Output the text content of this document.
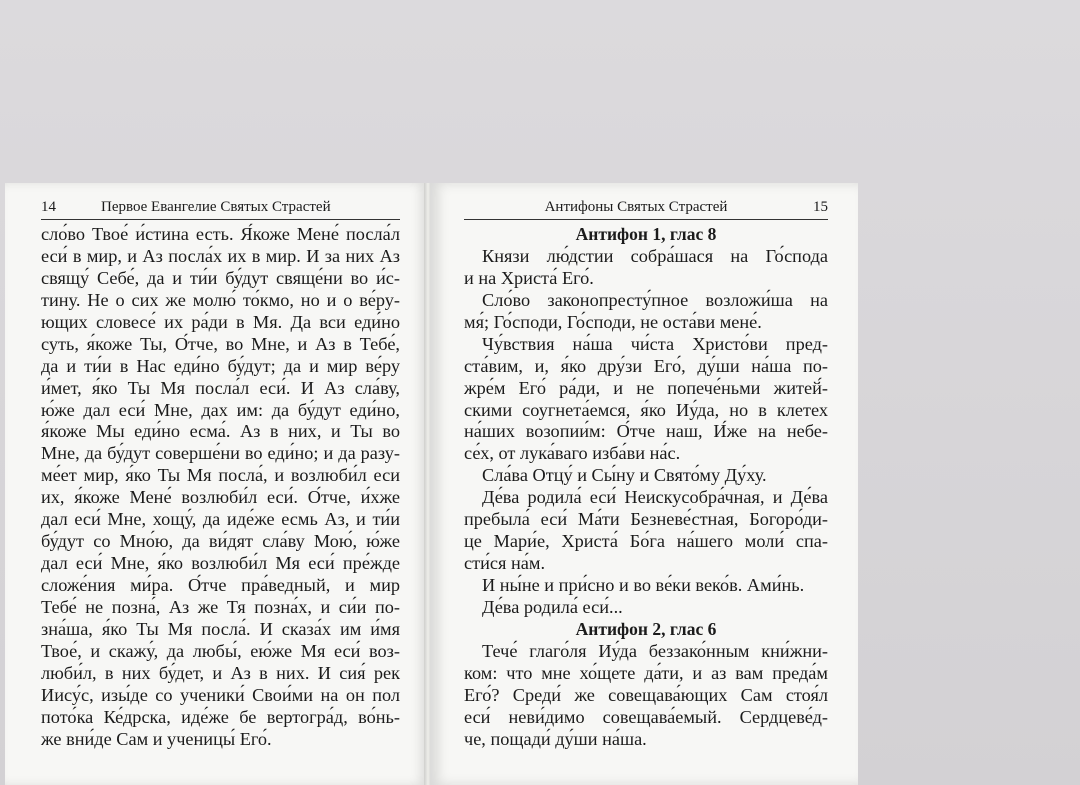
14	Первое Евангелие Святых Страстей
сло́во Твое́ и́стина есть. Я́коже Мене́ посла́л
еси́ в мир, и Аз посла́х их в мир. И за них Аз
свящу́ Себе́, да и ти́и бу́дут свяще́ни во и́с-
тину. Не о сих же молю́ то́кмо, но и о ве́ру-
ющих словесе́ их ра́ди в Мя. Да вси еди́но
суть, я́коже Ты, О́тче, во Мне, и Аз в Тебе́,
да и ти́и в Нас еди́но бу́дут; да и мир ве́ру
и́мет, я́ко Ты Мя посла́л еси́. И Аз сла́ву,
ю́же дал еси́ Мне, дах им: да бу́дут еди́но,
я́коже Мы еди́но есма́. Аз в них, и Ты во
Мне, да бу́дут соверше́ни во еди́но; и да разу-
ме́ет мир, я́ко Ты Мя посла́, и возлюби́л еси
их, я́коже Мене́ возлюби́л еси́. О́тче, и́хже
дал еси́ Мне, хощу́, да иде́же есмь Аз, и ти́и
бу́дут со Мно́ю, да ви́дят сла́ву Мою́, ю́же
дал еси́ Мне, я́ко возлюби́л Мя еси́ пре́жде
сложе́ния ми́ра. О́тче пра́ведный, и мир
Тебе́ не позна́, Аз же Тя позна́х, и си́и по-
зна́ша, я́ко Ты Мя посла́. И сказа́х им и́мя
Твое́, и скажу́, да любы́, ею́же Мя еси́ воз-
люби́л, в них бу́дет, и Аз в них. И сия́ рек
Иису́с, изы́де со ученики́ Свои́ми на он пол
пото́ка Ке́дрска, иде́же бе вертогра́д, во́нь-
же вни́де Сам и ученицы́ Его́.
Антифоны Святых Страстей	15
Антифон 1, глас 8
Князи лю́дстии собра́шася на Го́спода
и на Христа́ Его́.
Сло́во законопресту́пное возложи́ша на
мя́; Го́споди, Го́споди, не оста́ви мене́.
Чу́вствия на́ша чи́ста Христо́ви пред-
ста́вим, и, я́ко дру́зи Его́, ду́ши на́ша по-
жре́м Его́ ра́ди, и не попече́ньми житей́-
скими соугнета́емся, я́ко Иу́да, но в клетех
на́ших возопии́м: О́тче наш, И́же на небе-
се́х, от лука́ваго изба́ви на́с.
Сла́ва Отцу́ и Сы́ну и Свято́му Ду́ху.
Де́ва родила́ еси́ Неискусобра́чная, и Де́ва
пребыла́ еси́ Ма́ти Безневе́стная, Богоро́ди-
це Мари́е, Христа́ Бо́га на́шего моли́ спа-
сти́ся на́м.
И ны́не и при́сно и во ве́ки веко́в. Ами́нь.
Де́ва родила́ еси́...
Антифон 2, глас 6
Тече́ глаго́ля Иу́да беззако́нным кни́жни-
ком: что мне хо́щете да́ти, и аз вам преда́м
Его́? Среди́ же совещава́ющих Сам стоя́л
еси́ неви́димо совещава́емый. Сердцеве́д-
че, пощади́ ду́ши на́ша.
